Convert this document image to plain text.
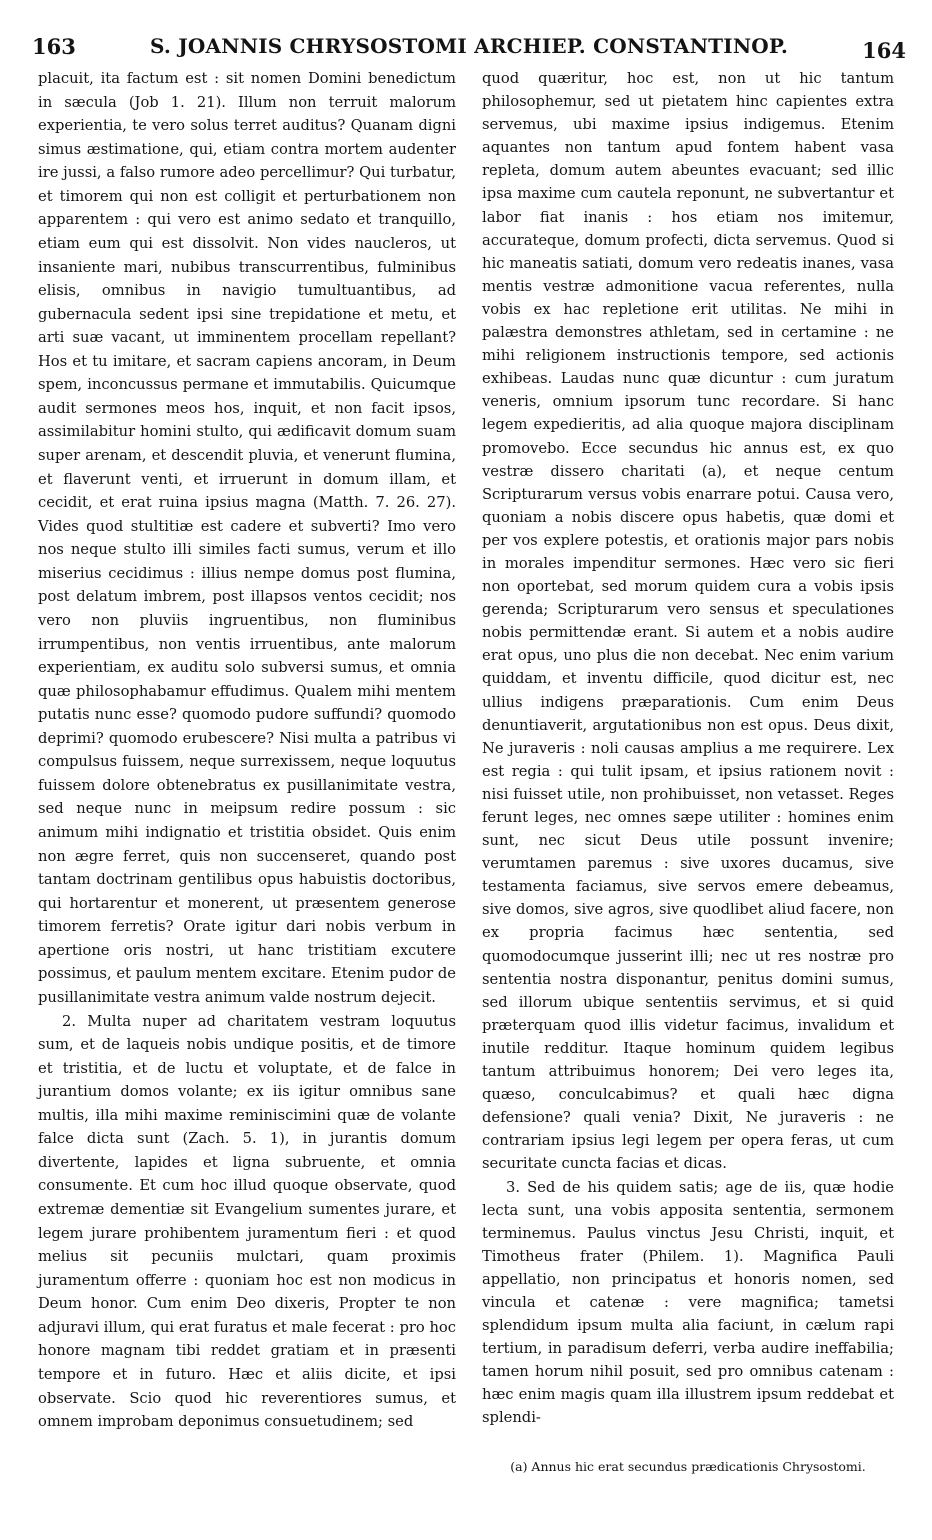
163	S. JOANNIS CHRYSOSTOMI ARCHIEP. CONSTANTINOP.	164

placuit, ita factum est : sit nomen Domini benedictum in sæcula (Job 1. 21). Illum non terruit malorum experientia, te vero solus terret auditus? Quanam digni simus æstimatione, qui, etiam contra mortem audenter ire jussi, a falso rumore adeo percellimur? Qui turbatur, et timorem qui non est colligit et perturbationem non apparentem : qui vero est animo sedato et tranquillo, etiam eum qui est dissolvit. Non vides naucleros, ut insaniente mari, nubibus transcurrentibus, fulminibus elisis, omnibus in navigio tumultuantibus, ad gubernacula sedent ipsi sine trepidatione et metu, et arti suæ vacant, ut imminentem procellam repellant? Hos et tu imitare, et sacram capiens ancoram, in Deum spem, inconcussus permane et immutabilis. Quicumque audit sermones meos hos, inquit, et non facit ipsos, assimilabitur homini stulto, qui ædificavit domum suam super arenam, et descendit pluvia, et venerunt flumina, et flaverunt venti, et irruerunt in domum illam, et cecidit, et erat ruina ipsius magna (Matth. 7. 26. 27). Vides quod stultitiæ est cadere et subverti? Imo vero nos neque stulto illi similes facti sumus, verum et illo miserius cecidimus : illius nempe domus post flumina, post delatum imbrem, post illapsos ventos cecidit; nos vero non pluviis ingruentibus, non fluminibus irrumpentibus, non ventis irruentibus, ante malorum experientiam, ex auditu solo subversi sumus, et omnia quæ philosophabamur effudimus. Qualem mihi mentem putatis nunc esse? quomodo pudore suffundi? quomodo deprimi? quomodo erubescere? Nisi multa a patribus vi compulsus fuissem, neque surrexissem, neque loquutus fuissem dolore obtenebratus ex pusillanimitate vestra, sed neque nunc in meipsum redire possum : sic animum mihi indignatio et tristitia obsidet. Quis enim non ægre ferret, quis non succenseret, quando post tantam doctrinam gentilibus opus habuistis doctoribus, qui hortarentur et monerent, ut præsentem generose timorem ferretis? Orate igitur dari nobis verbum in apertione oris nostri, ut hanc tristitiam excutere possimus, et paulum mentem excitare. Etenim pudor de pusillanimitate vestra animum valde nostrum dejecit.

2. Multa nuper ad charitatem vestram loquutus sum, et de laqueis nobis undique positis, et de timore et tristitia, et de luctu et voluptate, et de falce in jurantium domos volante; ex iis igitur omnibus sane multis, illa mihi maxime reminiscimini quæ de volante falce dicta sunt (Zach. 5. 1), in jurantis domum divertente, lapides et ligna subruente, et omnia consumente. Et cum hoc illud quoque observate, quod extremæ dementiæ sit Evangelium sumentes jurare, et legem jurare prohibentem juramentum fieri : et quod melius sit pecuniis mulctari, quam proximis juramentum offerre : quoniam hoc est non modicus in Deum honor. Cum enim Deo dixeris, Propter te non adjuravi illum, qui erat furatus et male fecerat : pro hoc honore magnam tibi reddet gratiam et in præsenti tempore et in futuro. Hæc et aliis dicite, et ipsi observate. Scio quod hic reverentiores sumus, et omnem improbam deponimus consuetudinem; sed

quod quæritur, hoc est, non ut hic tantum philosophemur, sed ut pietatem hinc capientes extra servemus, ubi maxime ipsius indigemus. Etenim aquantes non tantum apud fontem habent vasa repleta, domum autem abeuntes evacuant; sed illic ipsa maxime cum cautela reponunt, ne subvertantur et labor fiat inanis : hos etiam nos imitemur, accurateque, domum profecti, dicta servemus. Quod si hic maneatis satiati, domum vero redeatis inanes, vasa mentis vestræ admonitione vacua referentes, nulla vobis ex hac repletione erit utilitas. Ne mihi in palæstra demonstres athletam, sed in certamine : ne mihi religionem instructionis tempore, sed actionis exhibeas. Laudas nunc quæ dicuntur : cum juratum veneris, omnium ipsorum tunc recordare. Si hanc legem expedieritis, ad alia quoque majora disciplinam promovebo. Ecce secundus hic annus est, ex quo vestræ dissero charitati (a), et neque centum Scripturarum versus vobis enarrare potui. Causa vero, quoniam a nobis discere opus habetis, quæ domi et per vos explere potestis, et orationis major pars nobis in morales impenditur sermones. Hæc vero sic fieri non oportebat, sed morum quidem cura a vobis ipsis gerenda; Scripturarum vero sensus et speculationes nobis permittendæ erant. Si autem et a nobis audire erat opus, uno plus die non decebat. Nec enim varium quiddam, et inventu difficile, quod dicitur est, nec ullius indigens præparationis. Cum enim Deus denuntiaverit, argutationibus non est opus. Deus dixit, Ne juraveris : noli causas amplius a me requirere. Lex est regia : qui tulit ipsam, et ipsius rationem novit : nisi fuisset utile, non prohibuisset, non vetasset. Reges ferunt leges, nec omnes sæpe utiliter : homines enim sunt, nec sicut Deus utile possunt invenire; verumtamen paremus : sive uxores ducamus, sive testamenta faciamus, sive servos emere debeamus, sive domos, sive agros, sive quodlibet aliud facere, non ex propria facimus hæc sententia, sed quomodocumque jusserint illi; nec ut res nostræ pro sententia nostra disponantur, penitus domini sumus, sed illorum ubique sententiis servimus, et si quid præterquam quod illis videtur facimus, invalidum et inutile redditur. Itaque hominum quidem legibus tantum attribuimus honorem; Dei vero leges ita, quæso, conculcabimus? et quali hæc digna defensione? quali venia? Dixit, Ne juraveris : ne contrariam ipsius legi legem per opera feras, ut cum securitate cuncta facias et dicas.

3. Sed de his quidem satis; age de iis, quæ hodie lecta sunt, una vobis apposita sententia, sermonem terminemus. Paulus vinctus Jesu Christi, inquit, et Timotheus frater (Philem. 1). Magnifica Pauli appellatio, non principatus et honoris nomen, sed vincula et catenæ : vere magnifica; tametsi splendidum ipsum multa alia faciunt, in cælum rapi tertium, in paradisum deferri, verba audire ineffabilia; tamen horum nihil posuit, sed pro omnibus catenam : hæc enim magis quam illa illustrem ipsum reddebat et splendi-

(a) Annus hic erat secundus prædicationis Chrysostomi.
